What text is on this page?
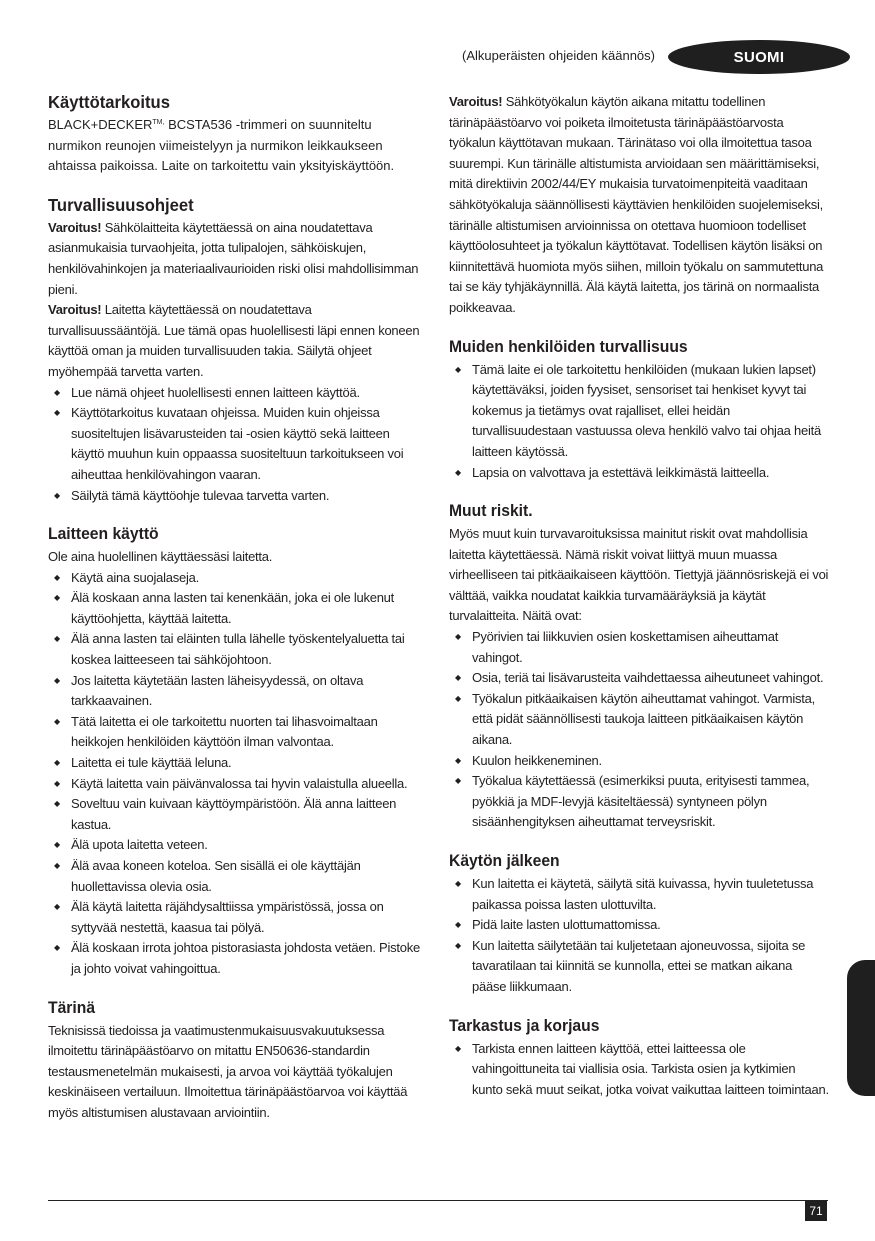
(Alkuperäisten ohjeiden käännös)	SUOMI
Käyttötarkoitus

$BLACK+DECKER^{TM,}$ BCSTA536 -trimmeri on suunniteltu nurmikon reunojen viimeistelyyn ja nurmikon leikkaukseen ahtaissa paikoissa. Laite on tarkoitettu vain yksityiskäyttöön.

Turvallisuusohjeet

Varoitus! Sähkölaitteita käytettäessä on aina noudatettava asianmukaisia turvaohjeita, jotta tulipalojen, sähköiskujen, henkilövahinkojen ja materiaalivaurioiden riski olisi mahdollisimman pieni.

Varoitus! Laitetta käytettäessä on noudatettava turvallisuussääntöjä. Lue tämä opas huolellisesti läpi ennen koneen käyttöä oman ja muiden turvallisuuden takia. Säilytä ohjeet myöhempää tarvetta varten.

◆ Lue nämä ohjeet huolellisesti ennen laitteen käyttöä.
◆ Käyttötarkoitus kuvataan ohjeissa. Muiden kuin ohjeissa suositeltujen lisävarusteiden tai -osien käyttö sekä laitteen käyttö muuhun kuin oppaassa suositeltuun tarkoitukseen voi aiheuttaa henkilövahingon vaaran.
◆ Säilytä tämä käyttöohje tulevaa tarvetta varten.
Laitteen käyttö

Ole aina huolellinen käyttäessäsi laitetta.

◆ Käytä aina suojalaseja.
◆ Älä koskaan anna lasten tai kenenkään, joka ei ole lukenut käyttöohjetta, käyttää laitetta.
◆ Älä anna lasten tai eläinten tulla lähelle työskentelyaluetta tai koskea laitteeseen tai sähköjohtoon.
◆ Jos laitetta käytetään lasten läheisyydessä, on oltava tarkkaavainen.
◆ Tätä laitetta ei ole tarkoitettu nuorten tai lihasvoimaltaan heikkojen henkilöiden käyttöön ilman valvontaa.
◆ Laitetta ei tule käyttää leluna.
◆ Käytä laitetta vain päivänvalossa tai hyvin valaistulla alueella.
◆ Soveltuu vain kuivaan käyttöympäristöön. Älä anna laitteen kastua.
◆ Älä upota laitetta veteen.
◆ Älä avaa koneen koteloa. Sen sisällä ei ole käyttäjän huollettavissa olevia osia.
◆ Älä käytä laitetta räjähdysalttiissa ympäristössä, jossa on syttyvää nestettä, kaasua tai pölyä.
◆ Älä koskaan irrota johtoa pistorasiasta johdosta vetäen. Pistoke ja johto voivat vahingoittua.
Tärinä

Teknisissä tiedoissa ja vaatimustenmukaisuusvakuutuksessa ilmoitettu tärinäpäästöarvo on mitattu EN50636-standardin testausmenetelmän mukaisesti, ja arvoa voi käyttää työkalujen keskinäiseen vertailuun. Ilmoitettua tärinäpäästöarvoa voi käyttää myös altistumisen alustavaan arviointiin.

Varoitus! Sähkötyökalun käytön aikana mitattu todellinen tärinäpäästöarvo voi poiketa ilmoitetusta tärinäpäästöarvosta työkalun käyttötavan mukaan. Tärinätaso voi olla ilmoitettua tasoa suurempi. Kun tärinälle altistumista arvioidaan sen määrittämiseksi, mitä direktiivin 2002/44/EY mukaisia turvatoimenpiteitä vaaditaan sähkötyökaluja säännöllisesti käyttävien henkilöiden suojelemiseksi, tärinälle altistumisen arvioinnissa on otettava huomioon todelliset käyttöolosuhteet ja työkalun käyttötavat. Todellisen käytön lisäksi on kiinnitettävä huomiota myös siihen, milloin työkalu on sammutettuna tai se käy tyhjäkäynnillä. Älä käytä laitetta, jos tärinä on normaalista poikkeavaa.

Muiden henkilöiden turvallisuus
◆ Tämä laite ei ole tarkoitettu henkilöiden (mukaan lukien lapset) käytettäväksi, joiden fyysiset, sensoriset tai henkiset kyvyt tai kokemus ja tietämys ovat rajalliset, ellei heidän turvallisuudestaan vastuussa oleva henkilö valvo tai ohjaa heitä laitteen käytössä.
◆ Lapsia on valvottava ja estettävä leikkimästä laitteella.
Muut riskit.

Myös muut kuin turvavaroituksissa mainitut riskit ovat mahdollisia laitetta käytettäessä. Nämä riskit voivat liittyä muun muassa virheelliseen tai pitkäaikaiseen käyttöön. Tiettyjä jäännösriskejä ei voi välttää, vaikka noudatat kaikkia turvamääräyksiä ja käytät turvalaitteita. Näitä ovat:

◆ Pyörivien tai liikkuvien osien koskettamisen aiheuttamat vahingot.
◆ Osia, teriä tai lisävarusteita vaihdettaessa aiheutuneet vahingot.
◆ Työkalun pitkäaikaisen käytön aiheuttamat vahingot. Varmista, että pidät säännöllisesti taukoja laitteen pitkäaikaisen käytön aikana.
◆ Kuulon heikkeneminen.
◆ Työkalua käytettäessä (esimerkiksi puuta, erityisesti tammea, pyökkiä ja MDF-levyjä käsiteltäessä) syntyneen pölyn sisäänhengityksen aiheuttamat terveysriskit.
Käytön jälkeen
◆ Kun laitetta ei käytetä, säilytä sitä kuivassa, hyvin tuuletetussa paikassa poissa lasten ulottuvilta.
◆ Pidä laite lasten ulottumattomissa.
◆ Kun laitetta säilytetään tai kuljetetaan ajoneuvossa, sijoita se tavaratilaan tai kiinnitä se kunnolla, ettei se matkan aikana pääse liikkumaan.
Tarkastus ja korjaus
◆ Tarkista ennen laitteen käyttöä, ettei laitteessa ole vahingoittuneita tai viallisia osia. Tarkista osien ja kytkimien kunto sekä muut seikat, jotka voivat vaikuttaa laitteen toimintaan.
71
